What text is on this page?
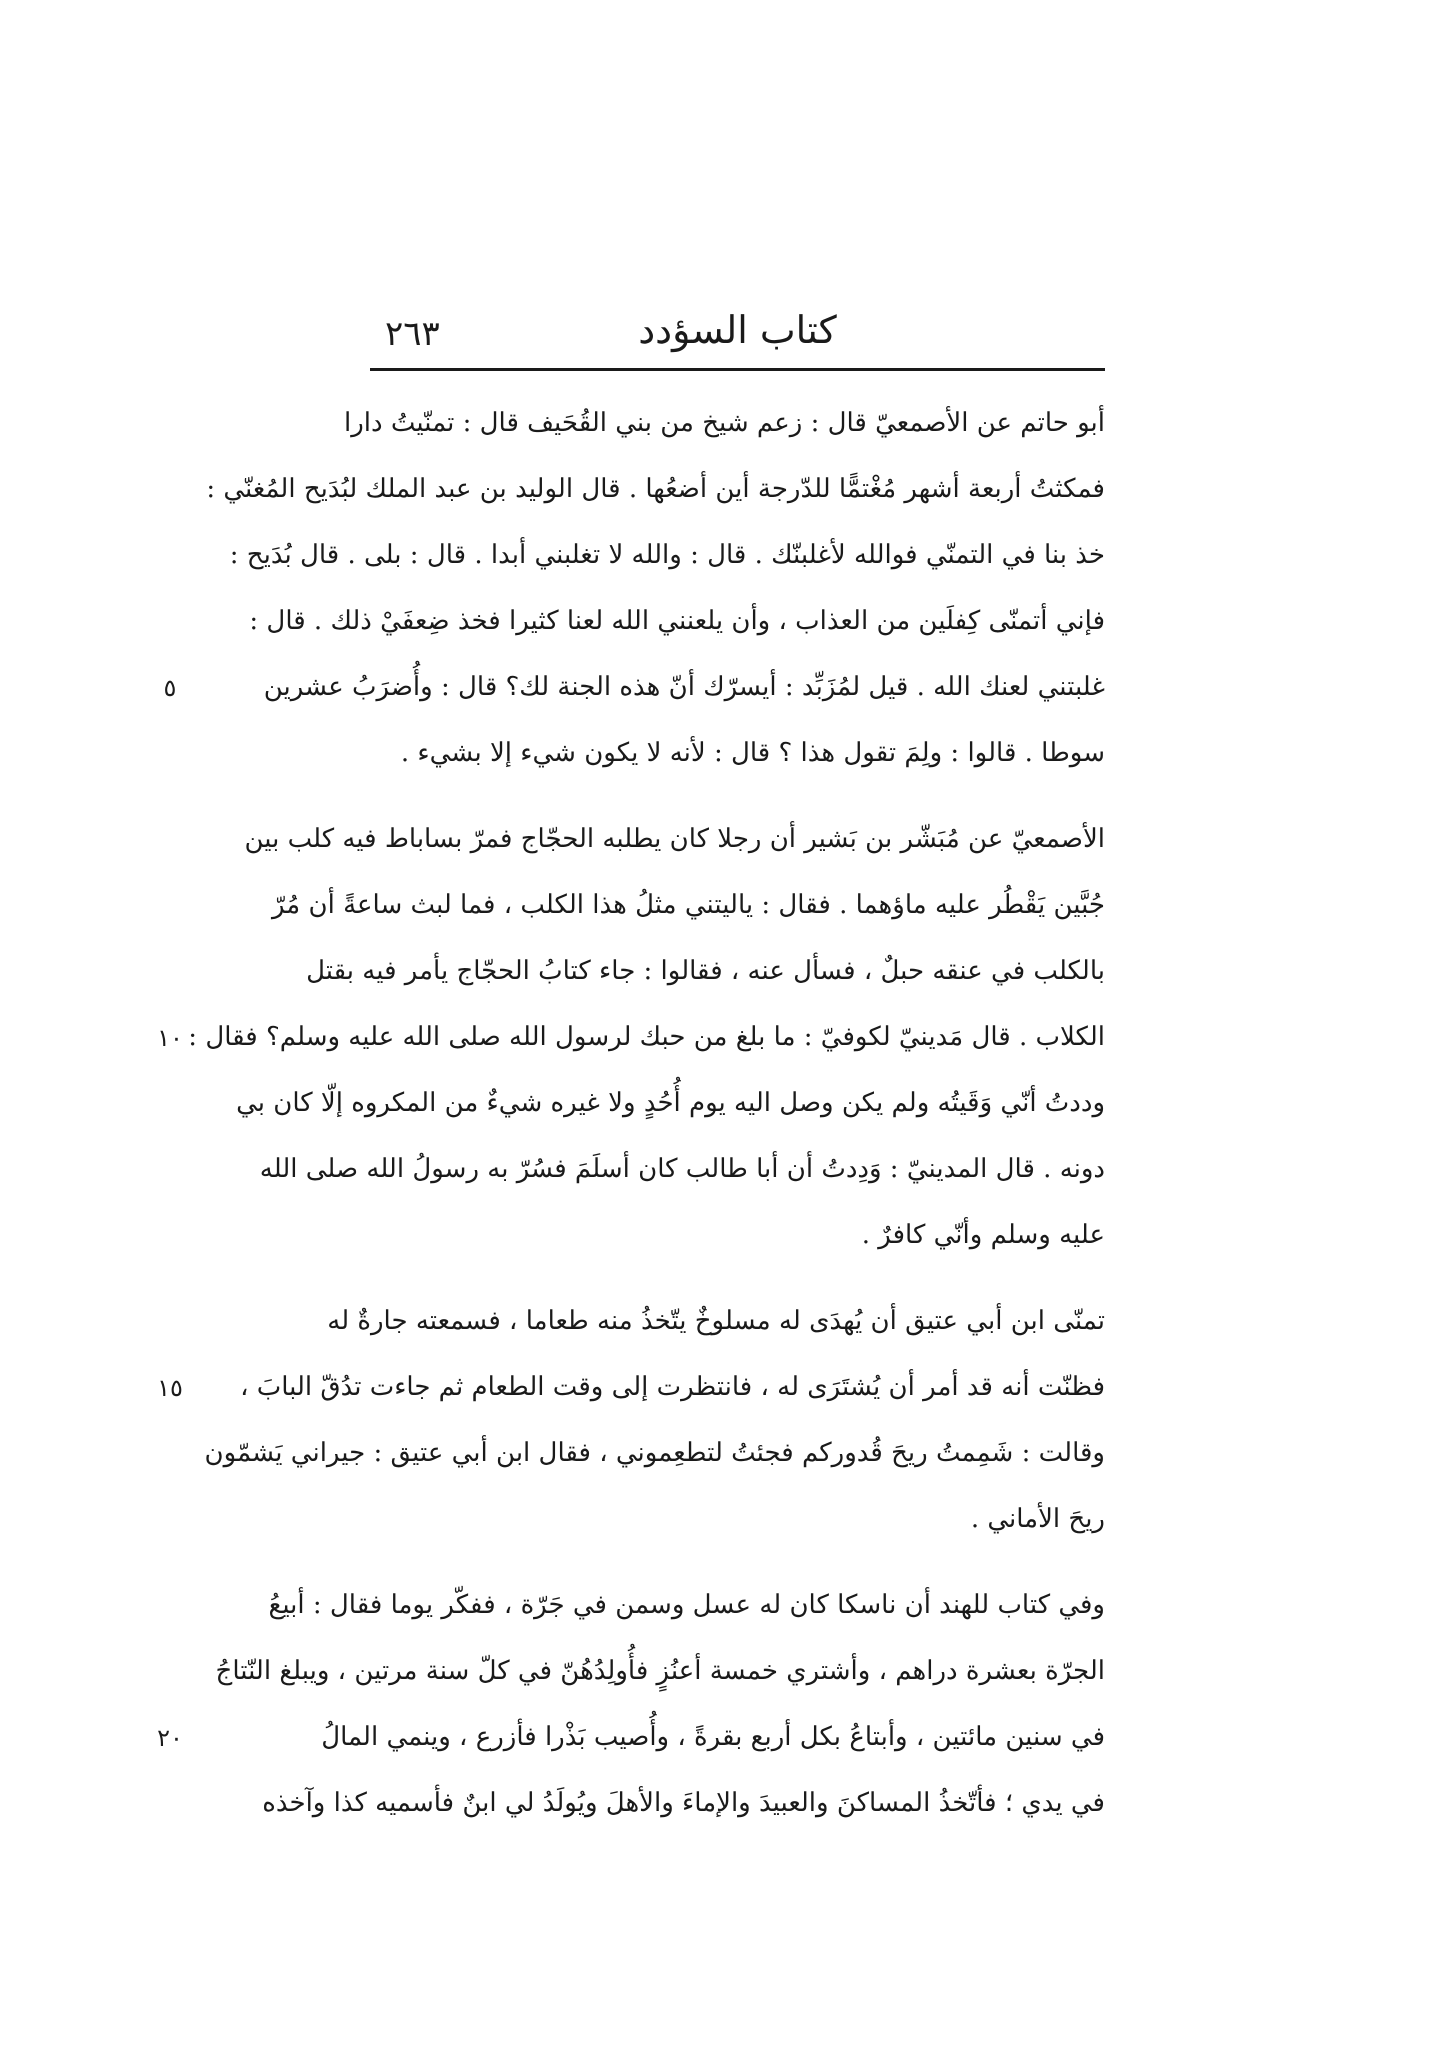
٢٦٣	كتاب السؤدد
أبو حاتم عن الأصمعيّ قال : زعم شيخ من بني القُحَيف قال : تمنّيتُ دارا
فمكثتُ أربعة أشهر مُغْتمًّا للدّرجة أين أضعُها . قال الوليد بن عبد الملك لبُدَيح المُغنّي :
خذ بنا في التمنّي فوالله لأغلبنّك . قال : والله لا تغلبني أبدا . قال : بلى . قال بُدَيح :
فإني أتمنّى كِفلَين من العذاب ، وأن يلعنني الله لعنا كثيرا فخذ ضِعفَيْ ذلك . قال :
غلبتني لعنك الله . قيل لمُزَبِّد : أيسرّك أنّ هذه الجنة لك؟ قال : وأُضرَبُ عشرين
سوطا . قالوا : ولِمَ تقول هذا ؟ قال : لأنه لا يكون شيء إلا بشيء .
الأصمعيّ عن مُبَشّر بن بَشير أن رجلا كان يطلبه الحجّاج فمرّ بساباط فيه كلب بين
جُبَّين يَقْطُر عليه ماؤهما . فقال : ياليتني مثلُ هذا الكلب ، فما لبث ساعةً أن مُرّ
بالكلب في عنقه حبلٌ ، فسأل عنه ، فقالوا : جاء كتابُ الحجّاج يأمر فيه بقتل
الكلاب . قال مَدينيّ لكوفيّ : ما بلغ من حبك لرسول الله صلى الله عليه وسلم؟ فقال :
وددتُ أنّي وَقَيتُه ولم يكن وصل اليه يوم أُحُدٍ ولا غيره شيءٌ من المكروه إلّا كان بي
دونه . قال المدينيّ : وَدِدتُ أن أبا طالب كان أسلَمَ فسُرّ به رسولُ الله صلى الله
عليه وسلم وأنّي كافرٌ .
تمنّى ابن أبي عتيق أن يُهدَى له مسلوخٌ يتّخذُ منه طعاما ، فسمعته جارةٌ له
فظنّت أنه قد أمر أن يُشتَرَى له ، فانتظرت إلى وقت الطعام ثم جاءت تدُقّ البابَ ،
وقالت : شَمِمتُ ريحَ قُدوركم فجئتُ لتطعِموني ، فقال ابن أبي عتيق : جيراني يَشمّون
ريحَ الأماني .
وفي كتاب للهند أن ناسكا كان له عسل وسمن في جَرّة ، ففكّر يوما فقال : أبيعُ
الجرّة بعشرة دراهم ، وأشتري خمسة أعنُزٍ فأُولِدُهُنّ في كلّ سنة مرتين ، ويبلغ النّتاجُ
في سنين مائتين ، وأبتاعُ بكل أربع بقرةً ، وأُصيب بَذْرا فأزرع ، وينمي المالُ
في يدي ؛ فأتّخذُ المساكنَ والعبيدَ والإماءَ والأهلَ ويُولَدُ لي ابنٌ فأسميه كذا وآخذه
٥
١٠
١٥
٢٠
